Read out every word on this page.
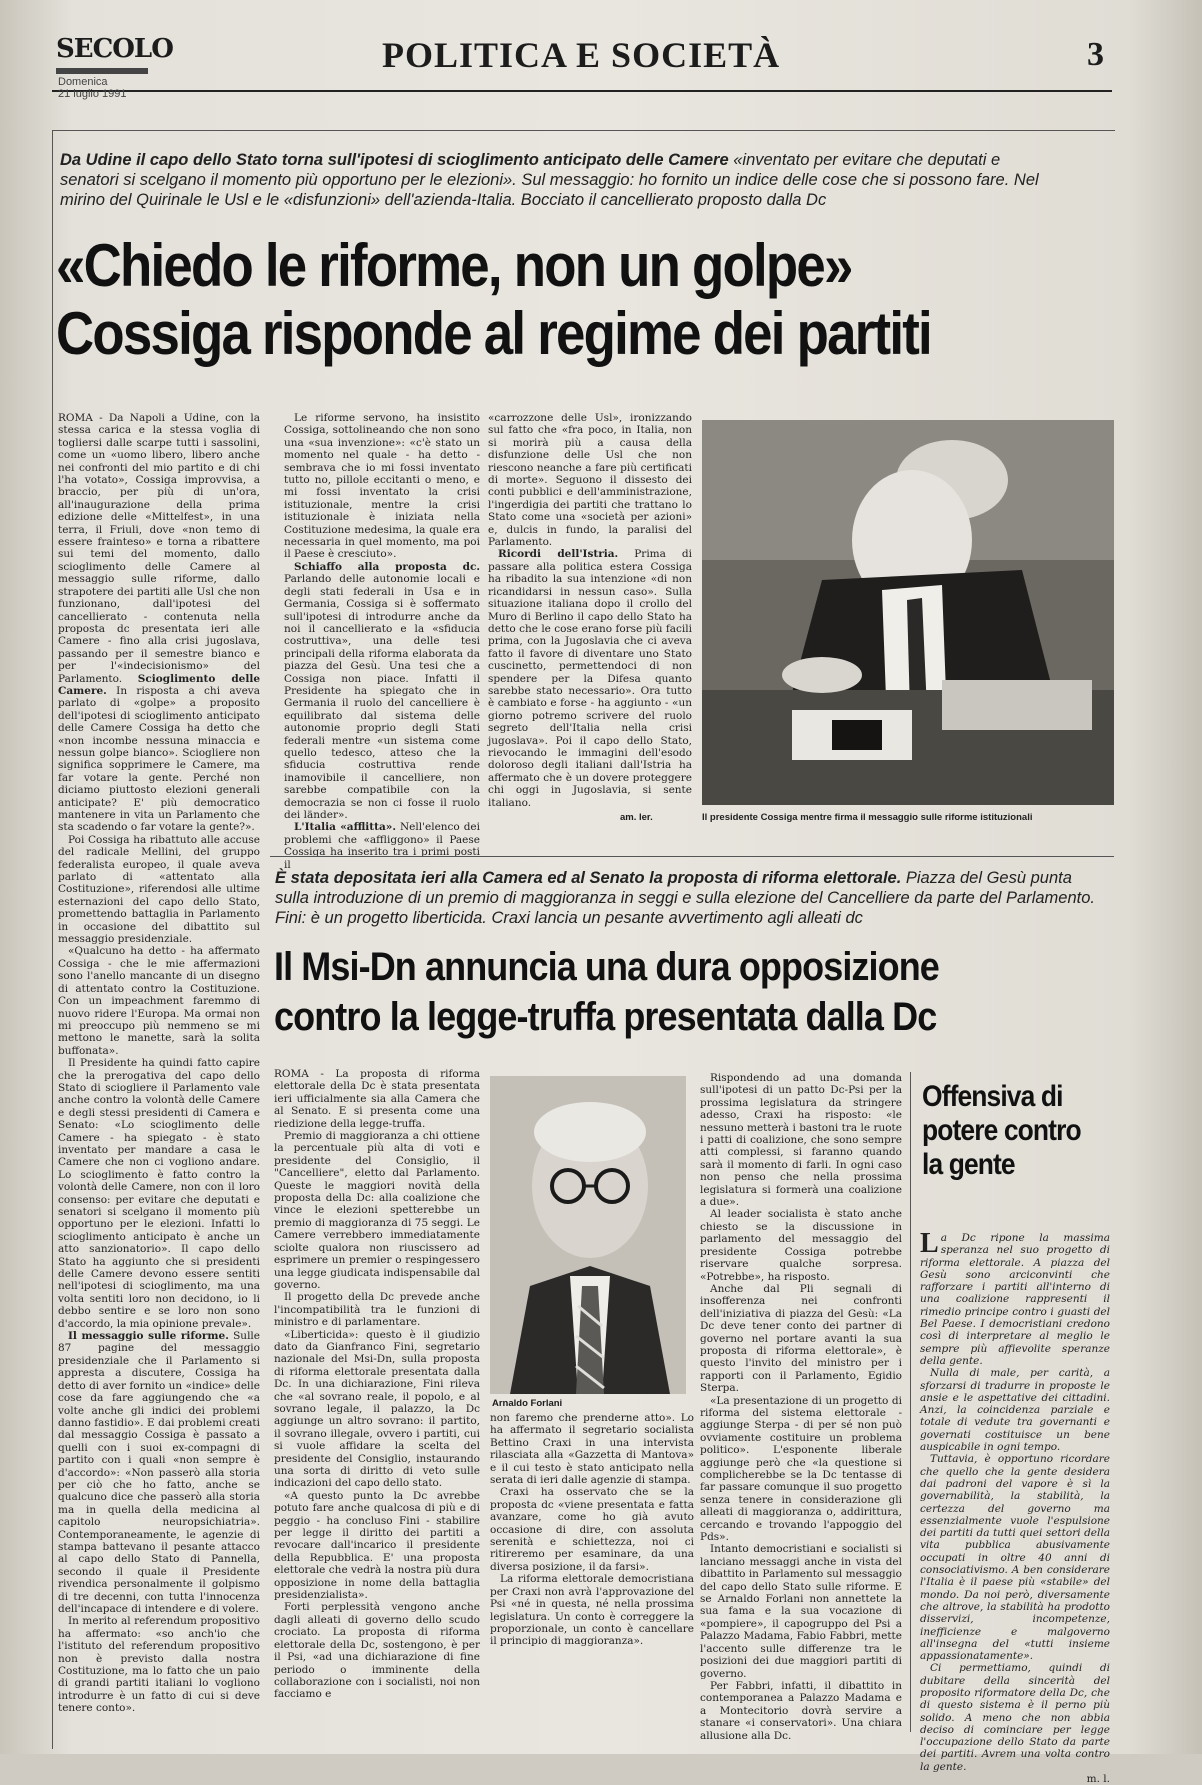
SECOLO
Domenica
21 luglio 1991
POLITICA E SOCIETÀ	3
Da Udine il capo dello Stato torna sull'ipotesi di scioglimento anticipato delle Camere «inventato per evitare che deputati e senatori si scelgano il momento più opportuno per le elezioni». Sul messaggio: ho fornito un indice delle cose che si possono fare. Nel mirino del Quirinale le Usl e le «disfunzioni» dell'azienda-Italia. Bocciato il cancellierato proposto dalla Dc
«Chiedo le riforme, non un golpe»
Cossiga risponde al regime dei partiti
ROMA - Da Napoli a Udine, con la stessa carica e la stessa voglia di togliersi dalle scarpe tutti i sassolini, come un «uomo libero, libero anche nei confronti del mio partito e di chi l'ha votato», Cossiga improvvisa, a braccio, per più di un'ora, all'inaugurazione della prima edizione delle «Mittelfest», in una terra, il Friuli, dove «non temo di essere frainteso» e torna a ribattere sui temi del momento, dallo scioglimento delle Camere al messaggio sulle riforme, dallo strapotere dei partiti alle Usl che non funzionano, dall'ipotesi del cancellierato - contenuta nella proposta dc presentata ieri alle Camere - fino alla crisi jugoslava, passando per il semestre bianco e per l'«indecisionismo» del Parlamento. Scioglimento delle Camere. In risposta a chi aveva parlato di «golpe» a proposito dell'ipotesi di scioglimento anticipato delle Camere Cossiga ha detto che «non incombe nessuna minaccia e nessun golpe bianco». Sciogliere non significa sopprimere le Camere, ma far votare la gente. Perché non diciamo piuttosto elezioni generali anticipate? E' più democratico mantenere in vita un Parlamento che sta scadendo o far votare la gente?».

Poi Cossiga ha ribattuto alle accuse del radicale Mellini, del gruppo federalista europeo, il quale aveva parlato di «attentato alla Costituzione», riferendosi alle ultime esternazioni del capo dello Stato, promettendo battaglia in Parlamento in occasione del dibattito sul messaggio presidenziale.

«Qualcuno ha detto - ha affermato Cossiga - che le mie affermazioni sono l'anello mancante di un disegno di attentato contro la Costituzione. Con un impeachment faremmo di nuovo ridere l'Europa. Ma ormai non mi preoccupo più nemmeno se mi mettono le manette, sarà la solita buffonata».

Il Presidente ha quindi fatto capire che la prerogativa del capo dello Stato di sciogliere il Parlamento vale anche contro la volontà delle Camere e degli stessi presidenti di Camera e Senato: «Lo scioglimento delle Camere - ha spiegato - è stato inventato per mandare a casa le Camere che non ci vogliono andare. Lo scioglimento è fatto contro la volontà delle Camere, non con il loro consenso: per evitare che deputati e senatori si scelgano il momento più opportuno per le elezioni. Infatti lo scioglimento anticipato è anche un atto sanzionatorio». Il capo dello Stato ha aggiunto che si presidenti delle Camere devono essere sentiti nell'ipotesi di scioglimento, ma una volta sentiti loro non decidono, io li debbo sentire e se loro non sono d'accordo, la mia opinione prevale».

Il messaggio sulle riforme. Sulle 87 pagine del messaggio presidenziale che il Parlamento si appresta a discutere, Cossiga ha detto di aver fornito un «indice» delle cose da fare aggiungendo che «a volte anche gli indici dei problemi danno fastidio». E dai problemi creati dal messaggio Cossiga è passato a quelli con i suoi ex-compagni di partito con i quali «non sempre è d'accordo»: «Non passerò alla storia per ciò che ho fatto, anche se qualcuno dice che passerò alla storia ma in quella della medicina al capitolo neuropsichiatria». Contemporaneamente, le agenzie di stampa battevano il pesante attacco al capo dello Stato di Pannella, secondo il quale il Presidente rivendica personalmente il golpismo di tre decenni, con tutta l'innocenza dell'incapace di intendere e di volere.

In merito al referendum propositivo ha affermato: «so anch'io che l'istituto del referendum propositivo non è previsto dalla nostra Costituzione, ma lo fatto che un paio di grandi partiti italiani lo vogliono introdurre è un fatto di cui si deve tenere conto».

Le riforme servono, ha insistito Cossiga, sottolineando che non sono una «sua invenzione»: «c'è stato un momento nel quale - ha detto - sembrava che io mi fossi inventato tutto no, pillole eccitanti o meno, e mi fossi inventato la crisi istituzionale, mentre la crisi istituzionale è iniziata nella Costituzione medesima, la quale era necessaria in quel momento, ma poi il Paese è cresciuto».

Schiaffo alla proposta dc. Parlando delle autonomie locali e degli stati federali in Usa e in Germania, Cossiga si è soffermato sull'ipotesi di introdurre anche da noi il cancellierato e la «sfiducia costruttiva», una delle tesi principali della riforma elaborata da piazza del Gesù. Una tesi che a Cossiga non piace. Infatti il Presidente ha spiegato che in Germania il ruolo del cancelliere è equilibrato dal sistema delle autonomie proprio degli Stati federali mentre «un sistema come quello tedesco, atteso che la sfiducia costruttiva rende inamovibile il cancelliere, non sarebbe compatibile con la democrazia se non ci fosse il ruolo dei länder».

L'Italia «afflitta». Nell'elenco dei problemi che «affliggono» il Paese Cossiga ha inserito tra i primi posti il

«carrozzone delle Usl», ironizzando sul fatto che «fra poco, in Italia, non si morirà più a causa della disfunzione delle Usl che non riescono neanche a fare più certificati di morte». Seguono il dissesto dei conti pubblici e dell'amministrazione, l'ingerdigia dei partiti che trattano lo Stato come una «società per azioni» e, dulcis in fundo, la paralisi del Parlamento.

Ricordi dell'Istria. Prima di passare alla politica estera Cossiga ha ribadito la sua intenzione «di non ricandidarsi in nessun caso». Sulla situazione italiana dopo il crollo del Muro di Berlino il capo dello Stato ha detto che le cose erano forse più facili prima, con la Jugoslavia che ci aveva fatto il favore di diventare uno Stato cuscinetto, permettendoci di non spendere per la Difesa quanto sarebbe stato necessario». Ora tutto è cambiato e forse - ha aggiunto - «un giorno potremo scrivere del ruolo segreto dell'Italia nella crisi jugoslava». Poi il capo dello Stato, rievocando le immagini dell'esodo doloroso degli italiani dall'Istria ha affermato che è un dovere proteggere chi oggi in Jugoslavia, si sente italiano.

am. ler.	Il presidente Cossiga mentre firma il messaggio sulle riforme istituzionali
È stata depositata ieri alla Camera ed al Senato la proposta di riforma elettorale. Piazza del Gesù punta sulla introduzione di un premio di maggioranza in seggi e sulla elezione del Cancelliere da parte del Parlamento. Fini: è un progetto liberticida. Craxi lancia un pesante avvertimento agli alleati dc
Il Msi-Dn annuncia una dura opposizione
contro la legge-truffa presentata dalla Dc

ROMA - La proposta di riforma elettorale della Dc è stata presentata ieri ufficialmente sia alla Camera che al Senato. E si presenta come una riedizione della legge-truffa.

Premio di maggioranza a chi ottiene la percentuale più alta di voti e presidente del Consiglio, il "Cancelliere", eletto dal Parlamento. Queste le maggiori novità della proposta della Dc: alla coalizione che vince le elezioni spetterebbe un premio di maggioranza di 75 seggi. Le Camere verrebbero immediatamente sciolte qualora non riuscissero ad esprimere un premier o respingessero una legge giudicata indispensabile dal governo.

Il progetto della Dc prevede anche l'incompatibilità tra le funzioni di ministro e di parlamentare.

«Liberticida»: questo è il giudizio dato da Gianfranco Fini, segretario nazionale del Msi-Dn, sulla proposta di riforma elettorale presentata dalla Dc. In una dichiarazione, Fini rileva che «al sovrano reale, il popolo, e al sovrano legale, il palazzo, la Dc aggiunge un altro sovrano: il partito, il sovrano illegale, ovvero i partiti, cui si vuole affidare la scelta del presidente del Consiglio, instaurando una sorta di diritto di veto sulle indicazioni del capo dello stato.

«A questo punto la Dc avrebbe potuto fare anche qualcosa di più e di peggio - ha concluso Fini - stabilire per legge il diritto dei partiti a revocare dall'incarico il presidente della Repubblica. E' una proposta elettorale che vedrà la nostra più dura opposizione in nome della battaglia presidenzialista».

Forti perplessità vengono anche dagli alleati di governo dello scudo crociato. La proposta di riforma elettorale della Dc, sostengono, è per il Psi, «ad una dichiarazione di fine periodo o imminente della collaborazione con i socialisti, noi non facciamo e

Arnaldo Forlani

non faremo che prenderne atto». Lo ha affermato il segretario socialista Bettino Craxi in una intervista rilasciata alla «Gazzetta di Mantova» e il cui testo è stato anticipato nella serata di ieri dalle agenzie di stampa.

Craxi ha osservato che se la proposta dc «viene presentata e fatta avanzare, come ho già avuto occasione di dire, con assoluta serenità e schiettezza, noi ci ritireremo per esaminare, da una diversa posizione, il da farsi».

La riforma elettorale democristiana per Craxi non avrà l'approvazione del Psi «né in questa, né nella prossima legislatura. Un conto è correggere la proporzionale, un conto è cancellare il principio di maggioranza».

Rispondendo ad una domanda sull'ipotesi di un patto Dc-Psi per la prossima legislatura da stringere adesso, Craxi ha risposto: «le nessuno metterà i bastoni tra le ruote i patti di coalizione, che sono sempre atti complessi, si faranno quando sarà il momento di farli. In ogni caso non penso che nella prossima legislatura si formerà una coalizione a due».

Al leader socialista è stato anche chiesto se la discussione in parlamento del messaggio del presidente Cossiga potrebbe riservare qualche sorpresa. «Potrebbe», ha risposto.

Anche dal Pli segnali di insofferenza nei confronti dell'iniziativa di piazza del Gesù: «La Dc deve tener conto dei partner di governo nel portare avanti la sua proposta di riforma elettorale», è questo l'invito del ministro per i rapporti con il Parlamento, Egidio Sterpa.

«La presentazione di un progetto di riforma del sistema elettorale - aggiunge Sterpa - di per sé non può ovviamente costituire un problema politico». L'esponente liberale aggiunge però che «la questione si complicherebbe se la Dc tentasse di far passare comunque il suo progetto senza tenere in considerazione gli alleati di maggioranza o, addirittura, cercando e trovando l'appoggio del Pds».

Intanto democristiani e socialisti si lanciano messaggi anche in vista del dibattito in Parlamento sul messaggio del capo dello Stato sulle riforme. E se Arnaldo Forlani non annettete la sua fama e la sua vocazione di «pompiere», il capogruppo del Psi a Palazzo Madama, Fabio Fabbri, mette l'accento sulle differenze tra le posizioni dei due maggiori partiti di governo.

Per Fabbri, infatti, il dibattito in contemporanea a Palazzo Madama e a Montecitorio dovrà servire a stanare «i conservatori». Una chiara allusione alla Dc.

Offensiva di potere contro la gente
La Dc ripone la massima speranza nel suo progetto di riforma elettorale. A piazza del Gesù sono arciconvinti che rafforzare i partiti all'interno di una coalizione rappresenti il rimedio principe contro i guasti del Bel Paese. I democristiani credono così di interpretare al meglio le sempre più affievolite speranze della gente.

Nulla di male, per carità, a sforzarsi di tradurre in proposte le ansie e le aspettative dei cittadini. Anzi, la coincidenza parziale e totale di vedute tra governanti e governati costituisce un bene auspicabile in ogni tempo.

Tuttavia, è opportuno ricordare che quello che la gente desidera dai padroni del vapore è sì la governabilità, la stabilità, la certezza del governo ma essenzialmente vuole l'espulsione dei partiti da tutti quei settori della vita pubblica abusivamente occupati in oltre 40 anni di consociativismo. A ben considerare l'Italia è il paese più «stabile» del mondo. Da noi però, diversamente che altrove, la stabilità ha prodotto disservizi, incompetenze, inefficienze e malgoverno all'insegna del «tutti insieme appassionatamente».

Ci permettiamo, quindi di dubitare della sincerità del proposito riformatore della Dc, che di questo sistema è il perno più solido. A meno che non abbia deciso di cominciare per legge l'occupazione dello Stato da parte dei partiti. Avrem una volta contro la gente.

m. l.
